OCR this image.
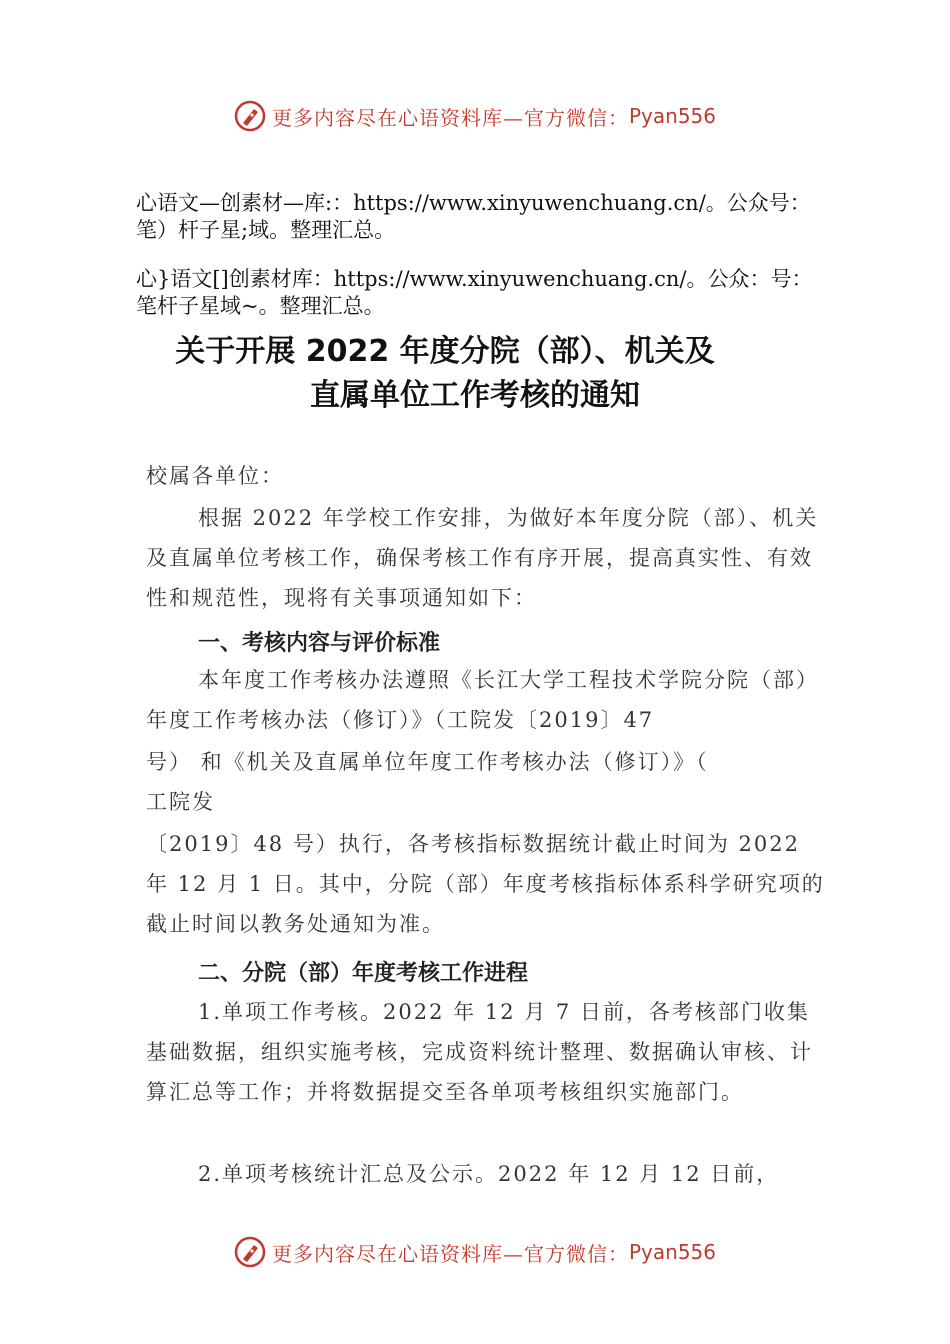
更多内容尽在心语资料库—官方微信： Pyan556
心语文—创素材—库:：https://www.xinyuwenchuang.cn/。公众号：笔）杆子星;域。整理汇总。
心}语文[]创素材库：https://www.xinyuwenchuang.cn/。公众：号：笔杆子星域~。整理汇总。
关于开展 2022 年度分院（部）、机关及
直属单位工作考核的通知
校属各单位：
根据 2022 年学校工作安排，为做好本年度分院（部）、机关及直属单位考核工作，确保考核工作有序开展，提高真实性、有效性和规范性，现将有关事项通知如下：
一、考核内容与评价标准
本年度工作考核办法遵照《长江大学工程技术学院分院（部）年度工作考核办法（修订）》（工院发〔2019〕47
号） 和《机关及直属单位年度工作考核办法（修订）》（
工院发
〔2019〕48 号）执行，各考核指标数据统计截止时间为 2022 年 12 月 1 日。其中，分院（部）年度考核指标体系科学研究项的截止时间以教务处通知为准。
二、分院（部）年度考核工作进程
1.单项工作考核。2022 年 12 月 7 日前，各考核部门收集基础数据，组织实施考核，完成资料统计整理、数据确认审核、计算汇总等工作；并将数据提交至各单项考核组织实施部门。
2.单项考核统计汇总及公示。2022 年 12 月 12 日前，
更多内容尽在心语资料库—官方微信： Pyan556
